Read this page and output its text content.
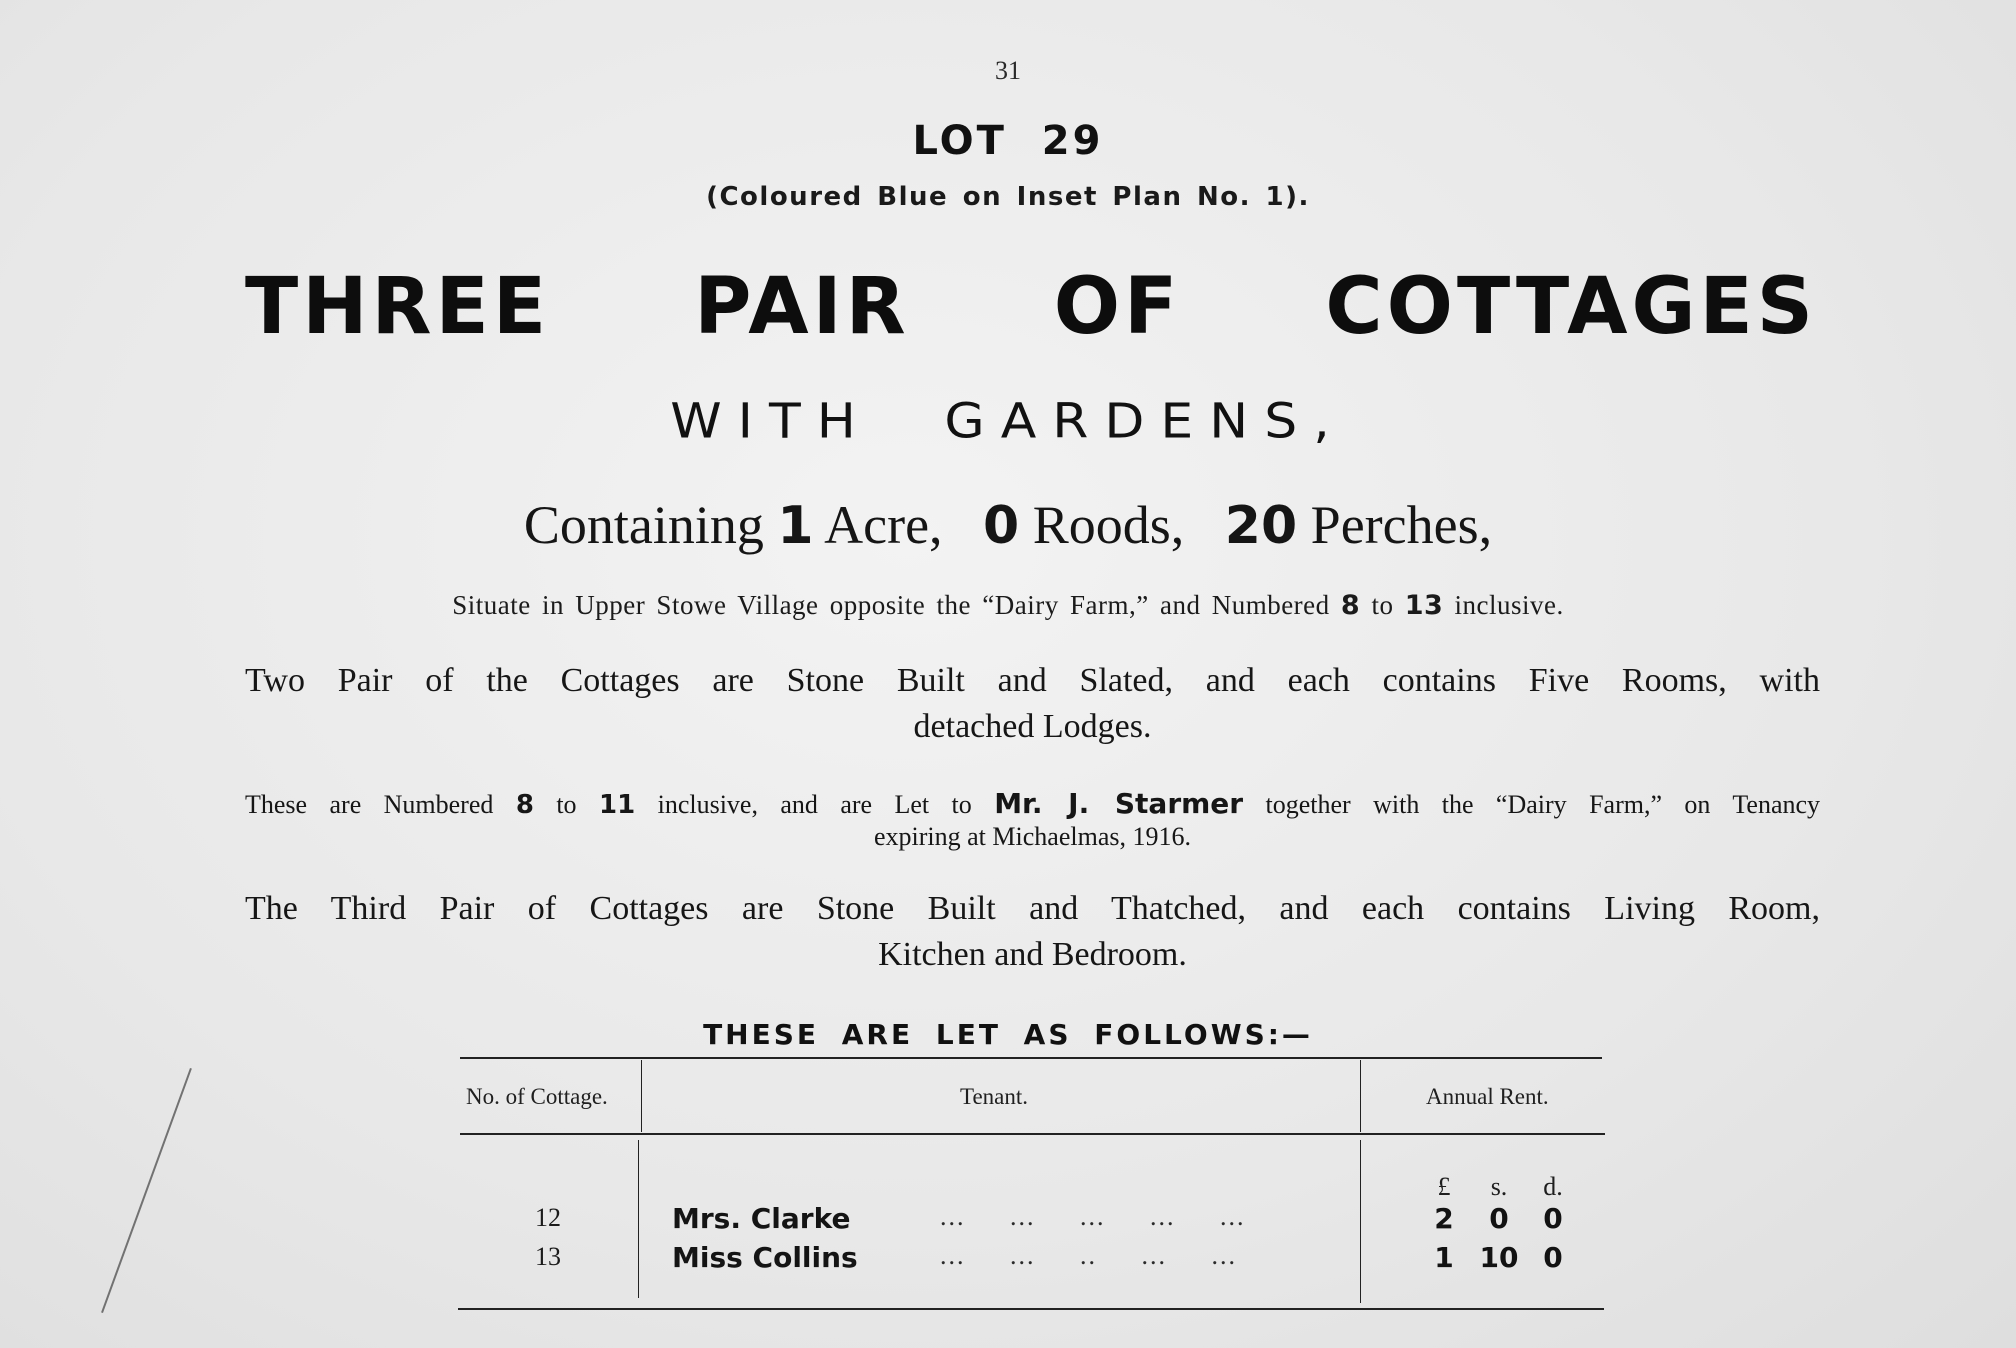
31
LOT 29
(Coloured Blue on Inset Plan No. 1).
THREE PAIR OF COTTAGES
WITH GARDENS,
Containing 1 Acre, 0 Roods, 20 Perches,
Situate in Upper Stowe Village opposite the “Dairy Farm,” and Numbered 8 to 13 inclusive.
Two Pair of the Cottages are Stone Built and Slated, and each contains Five Rooms, with
detached Lodges.
These are Numbered 8 to 11 inclusive, and are Let to Mr. J. Starmer together with the “Dairy Farm,” on Tenancy
expiring at Michaelmas, 1916.
The Third Pair of Cottages are Stone Built and Thatched, and each contains Living Room,
Kitchen and Bedroom.
THESE ARE LET AS FOLLOWS:—
No. of Cottage.	Tenant.	Annual Rent.
£	s.	d.
12	Mrs. Clarke	... ... ... ... ...	2	0	0
13	Miss Collins	... ... .. ... ...	1 10 0
